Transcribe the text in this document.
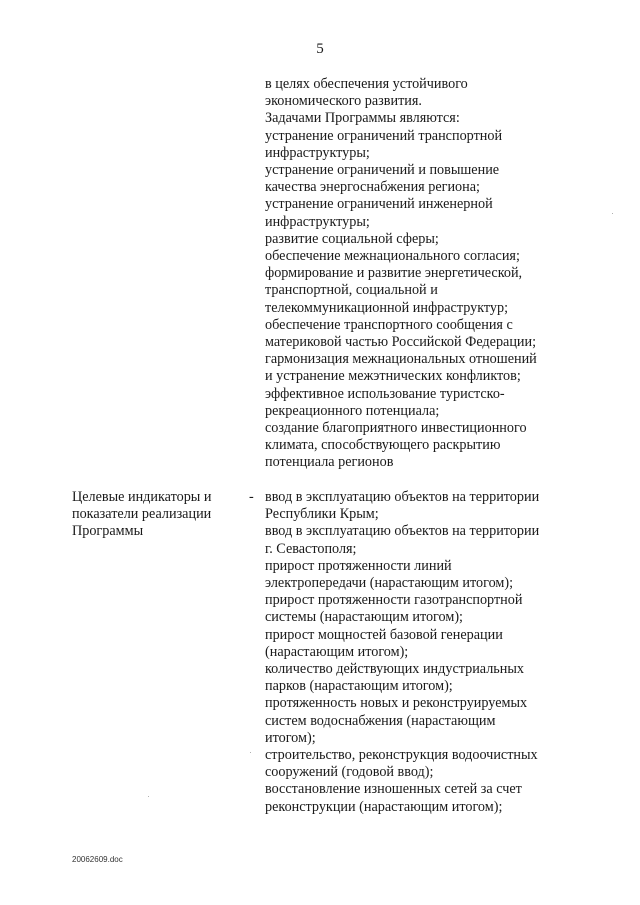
5
в целях обеспечения устойчивого
экономического развития.
Задачами Программы являются:
устранение ограничений транспортной
инфраструктуры;
устранение ограничений и повышение
качества энергоснабжения региона;
устранение ограничений инженерной
инфраструктуры;
развитие социальной сферы;
обеспечение межнационального согласия;
формирование и развитие энергетической,
транспортной, социальной и
телекоммуникационной инфраструктур;
обеспечение транспортного сообщения с
материковой частью Российской Федерации;
гармонизация межнациональных отношений
и устранение межэтнических конфликтов;
эффективное использование туристско-
рекреационного потенциала;
создание благоприятного инвестиционного
климата, способствующего раскрытию
потенциала регионов
Целевые индикаторы и
показатели реализации
Программы
- ввод в эксплуатацию объектов на территории
Республики Крым;
ввод в эксплуатацию объектов на территории
г. Севастополя;
прирост протяженности линий
электропередачи (нарастающим итогом);
прирост протяженности газотранспортной
системы (нарастающим итогом);
прирост мощностей базовой генерации
(нарастающим итогом);
количество действующих индустриальных
парков (нарастающим итогом);
протяженность новых и реконструируемых
систем водоснабжения (нарастающим
итогом);
строительство, реконструкция водоочистных
сооружений (годовой ввод);
восстановление изношенных сетей за счет
реконструкции (нарастающим итогом);
20062609.doc
